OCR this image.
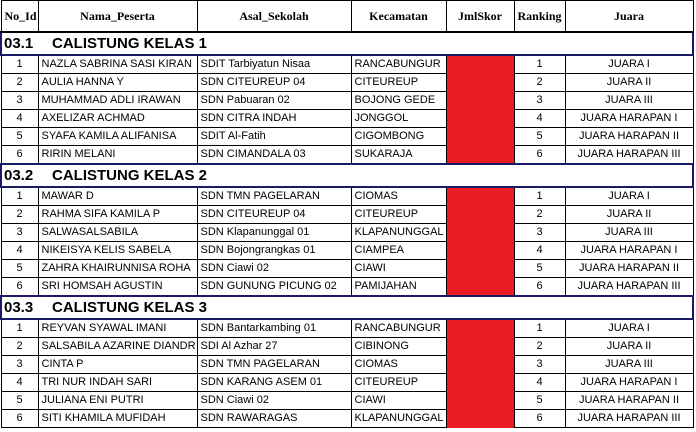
No_Id	Nama_Peserta	Asal_Sekolah	Kecamatan	JmlSkor	Ranking	Juara
03.1 CALISTUNG KELAS 1						
1	NAZLA SABRINA SASI KIRAN	SDIT Tarbiyatun Nisaa	RANCABUNGUR		1	JUARA I
2	AULIA HANNA Y	SDN CITEUREUP 04	CITEUREUP		2	JUARA II
3	MUHAMMAD ADLI IRAWAN	SDN Pabuaran 02	BOJONG GEDE		3	JUARA III
4	AXELIZAR ACHMAD	SDN CITRA INDAH	JONGGOL		4	JUARA HARAPAN I
5	SYAFA KAMILA ALIFANISA	SDIT Al-Fatih	CIGOMBONG		5	JUARA HARAPAN II
6	RIRIN MELANI	SDN CIMANDALA 03	SUKARAJA		6	JUARA HARAPAN III
03.2 CALISTUNG KELAS 2						
1	MAWAR D	SDN TMN PAGELARAN	CIOMAS		1	JUARA I
2	RAHMA SIFA KAMILA P	SDN CITEUREUP 04	CITEUREUP		2	JUARA II
3	SALWASALSABILA	SDN Klapanunggal 01	KLAPANUNGGAL		3	JUARA III
4	NIKEISYA KELIS SABELA	SDN Bojongrangkas 01	CIAMPEA		4	JUARA HARAPAN I
5	ZAHRA KHAIRUNNISA ROHA	SDN Ciawi 02	CIAWI		5	JUARA HARAPAN II
6	SRI HOMSAH AGUSTIN	SDN GUNUNG PICUNG 02	PAMIJAHAN		6	JUARA HARAPAN III
03.3 CALISTUNG KELAS 3						
1	REYVAN SYAWAL IMANI	SDN Bantarkambing 01	RANCABUNGUR		1	JUARA I
2	SALSABILA AZARINE DIANDR	SDI Al Azhar 27	CIBINONG		2	JUARA II
3	CINTA P	SDN TMN PAGELARAN	CIOMAS		3	JUARA III
4	TRI NUR INDAH SARI	SDN KARANG ASEM 01	CITEUREUP		4	JUARA HARAPAN I
5	JULIANA ENI PUTRI	SDN Ciawi 02	CIAWI		5	JUARA HARAPAN II
6	SITI KHAMILA MUFIDAH	SDN RAWARAGAS	KLAPANUNGGAL		6	JUARA HARAPAN III
